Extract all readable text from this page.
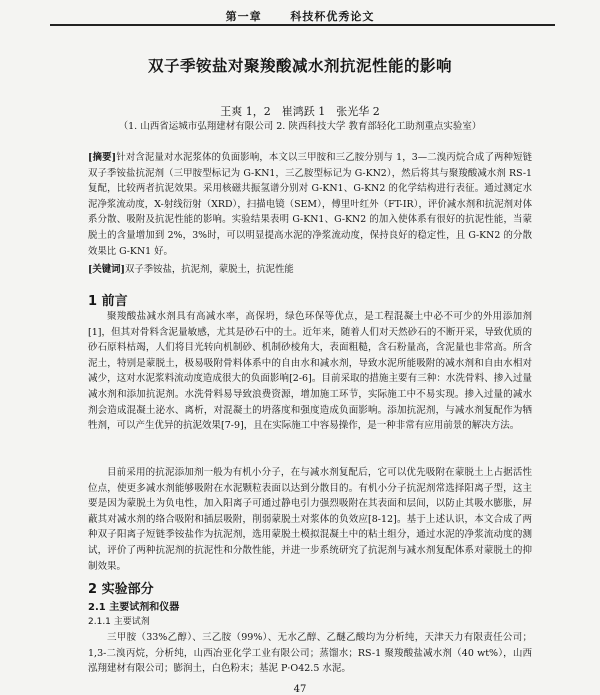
第一章	科技杯优秀论文
双子季铵盐对聚羧酸减水剂抗泥性能的影响
王爽 1，2　崔鸿跃 1　张光华 2
（1. 山西省运城市弘翔建材有限公司 2. 陕西科技大学 教育部轻化工助剂重点实验室）
[摘要]针对含泥量对水泥浆体的负面影响，本文以三甲胺和三乙胺分别与 1，3—二溴丙烷合成了两种短链双子季铵盐抗泥剂（三甲胺型标记为 G-KN1，三乙胺型标记为 G-KN2），然后将其与聚羧酸减水剂 RS-1 复配，比较两者抗泥效果。采用核磁共振氢谱分别对 G-KN1、G-KN2 的化学结构进行表征。通过测定水泥净浆流动度，X-射线衍射（XRD），扫描电镜（SEM），傅里叶红外（FT-IR），评价减水剂和抗泥剂对体系分散、吸附及抗泥性能的影响。实验结果表明 G-KN1、G-KN2 的加入使体系有很好的抗泥性能，当蒙脱土的含量增加到 2%，3%时，可以明显提高水泥的净浆流动度，保持良好的稳定性，且 G-KN2 的分散效果比 G-KN1 好。
[关键词]双子季铵盐，抗泥剂，蒙脱土，抗泥性能
1 前言
聚羧酸盐减水剂具有高减水率，高保坍，绿色环保等优点，是工程混凝土中必不可少的外用添加剂[1]，但其对骨料含泥量敏感，尤其是砂石中的土。近年来，随着人们对天然砂石的不断开采，导致优质的砂石原料枯竭，人们将目光转向机制砂、机制砂棱角大，表面粗糙，含石粉量高，含泥量也非常高。所含泥土，特别是蒙脱土，极易吸附骨料体系中的自由水和减水剂，导致水泥所能吸附的减水剂和自由水相对减少，这对水泥浆料流动度造成很大的负面影响[2-6]。目前采取的措施主要有三种：水洗骨料、掺入过量减水剂和添加抗泥剂。水洗骨料易导致浪费资源，增加施工环节，实际施工中不易实现。掺入过量的减水剂会造成混凝土泌水、离析，对混凝土的坍落度和强度造成负面影响。添加抗泥剂，与减水剂复配作为牺牲剂，可以产生优异的抗泥效果[7-9]，且在实际施工中容易操作，是一种非常有应用前景的解决方法。
目前采用的抗泥添加剂一般为有机小分子，在与减水剂复配后，它可以优先吸附在蒙脱土上占据活性位点，使更多减水剂能够吸附在水泥颗粒表面以达到分散目的。有机小分子抗泥剂常选择阳离子型，这主要是因为蒙脱土为负电性，加入阳离子可通过静电引力强烈吸附在其表面和层间，以防止其吸水膨胀，屏蔽其对减水剂的络合吸附和插层吸附，削弱蒙脱土对浆体的负效应[8-12]。基于上述认识，本文合成了两种双子阳离子短链季铵盐作为抗泥剂，选用蒙脱土模拟混凝土中的粘土组分，通过水泥的净浆流动度的测试，评价了两种抗泥剂的抗泥性和分散性能，并进一步系统研究了抗泥剂与减水剂复配体系对蒙脱土的抑制效果。
2 实验部分
2.1 主要试剂和仪器
2.1.1 主要试剂
三甲胺（33%乙醇）、三乙胺（99%）、无水乙醇、乙醚乙酸均为分析纯，天津天力有限责任公司；1,3-二溴丙烷，分析纯，山西冶亚化学工业有限公司；蒸馏水；RS-1 聚羧酸盐减水剂（40 wt%），山西泓翔建材有限公司；膨润土，白色粉末；基泥 P·O42.5 水泥。
47
